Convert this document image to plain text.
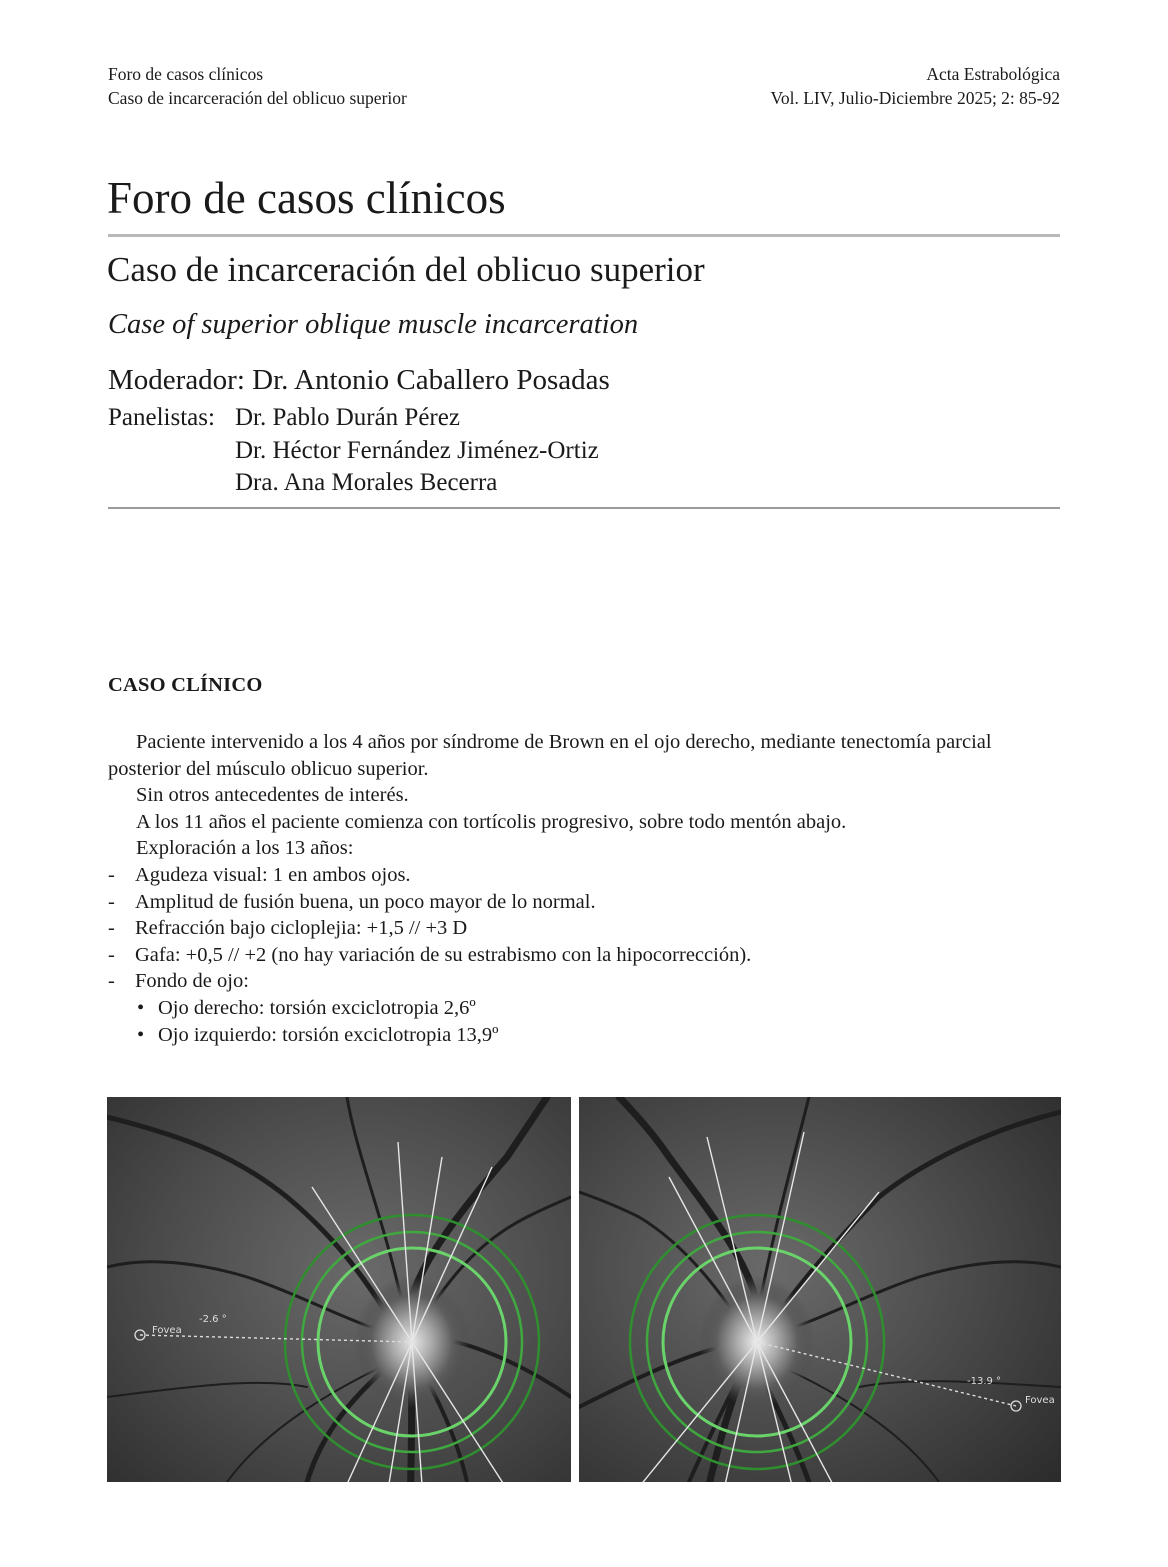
Foro de casos clínicos
Caso de incarceración del oblicuo superior
Acta Estrabológica
Vol. LIV, Julio-Diciembre 2025; 2: 85-92
Foro de casos clínicos
Caso de incarceración del oblicuo superior
Case of superior oblique muscle incarceration
Moderador: Dr. Antonio Caballero Posadas
Panelistas: Dr. Pablo Durán Pérez
Dr. Héctor Fernández Jiménez-Ortiz
Dra. Ana Morales Becerra
CASO CLÍNICO

Paciente intervenido a los 4 años por síndrome de Brown en el ojo derecho, mediante tenectomía parcial posterior del músculo oblicuo superior.

Sin otros antecedentes de interés.

A los 11 años el paciente comienza con tortícolis progresivo, sobre todo mentón abajo.

Exploración a los 13 años:

- Agudeza visual: 1 en ambos ojos.
- Amplitud de fusión buena, un poco mayor de lo normal.
- Refracción bajo cicloplejia: +1,5 // +3 D
- Gafa: +0,5 // +2 (no hay variación de su estrabismo con la hipocorrección).
- Fondo de ojo:
• Ojo derecho: torsión exciclotropia 2,6º
• Ojo izquierdo: torsión exciclotropia 13,9º
Fovea
-2.6 °
Fovea
-13.9 °
